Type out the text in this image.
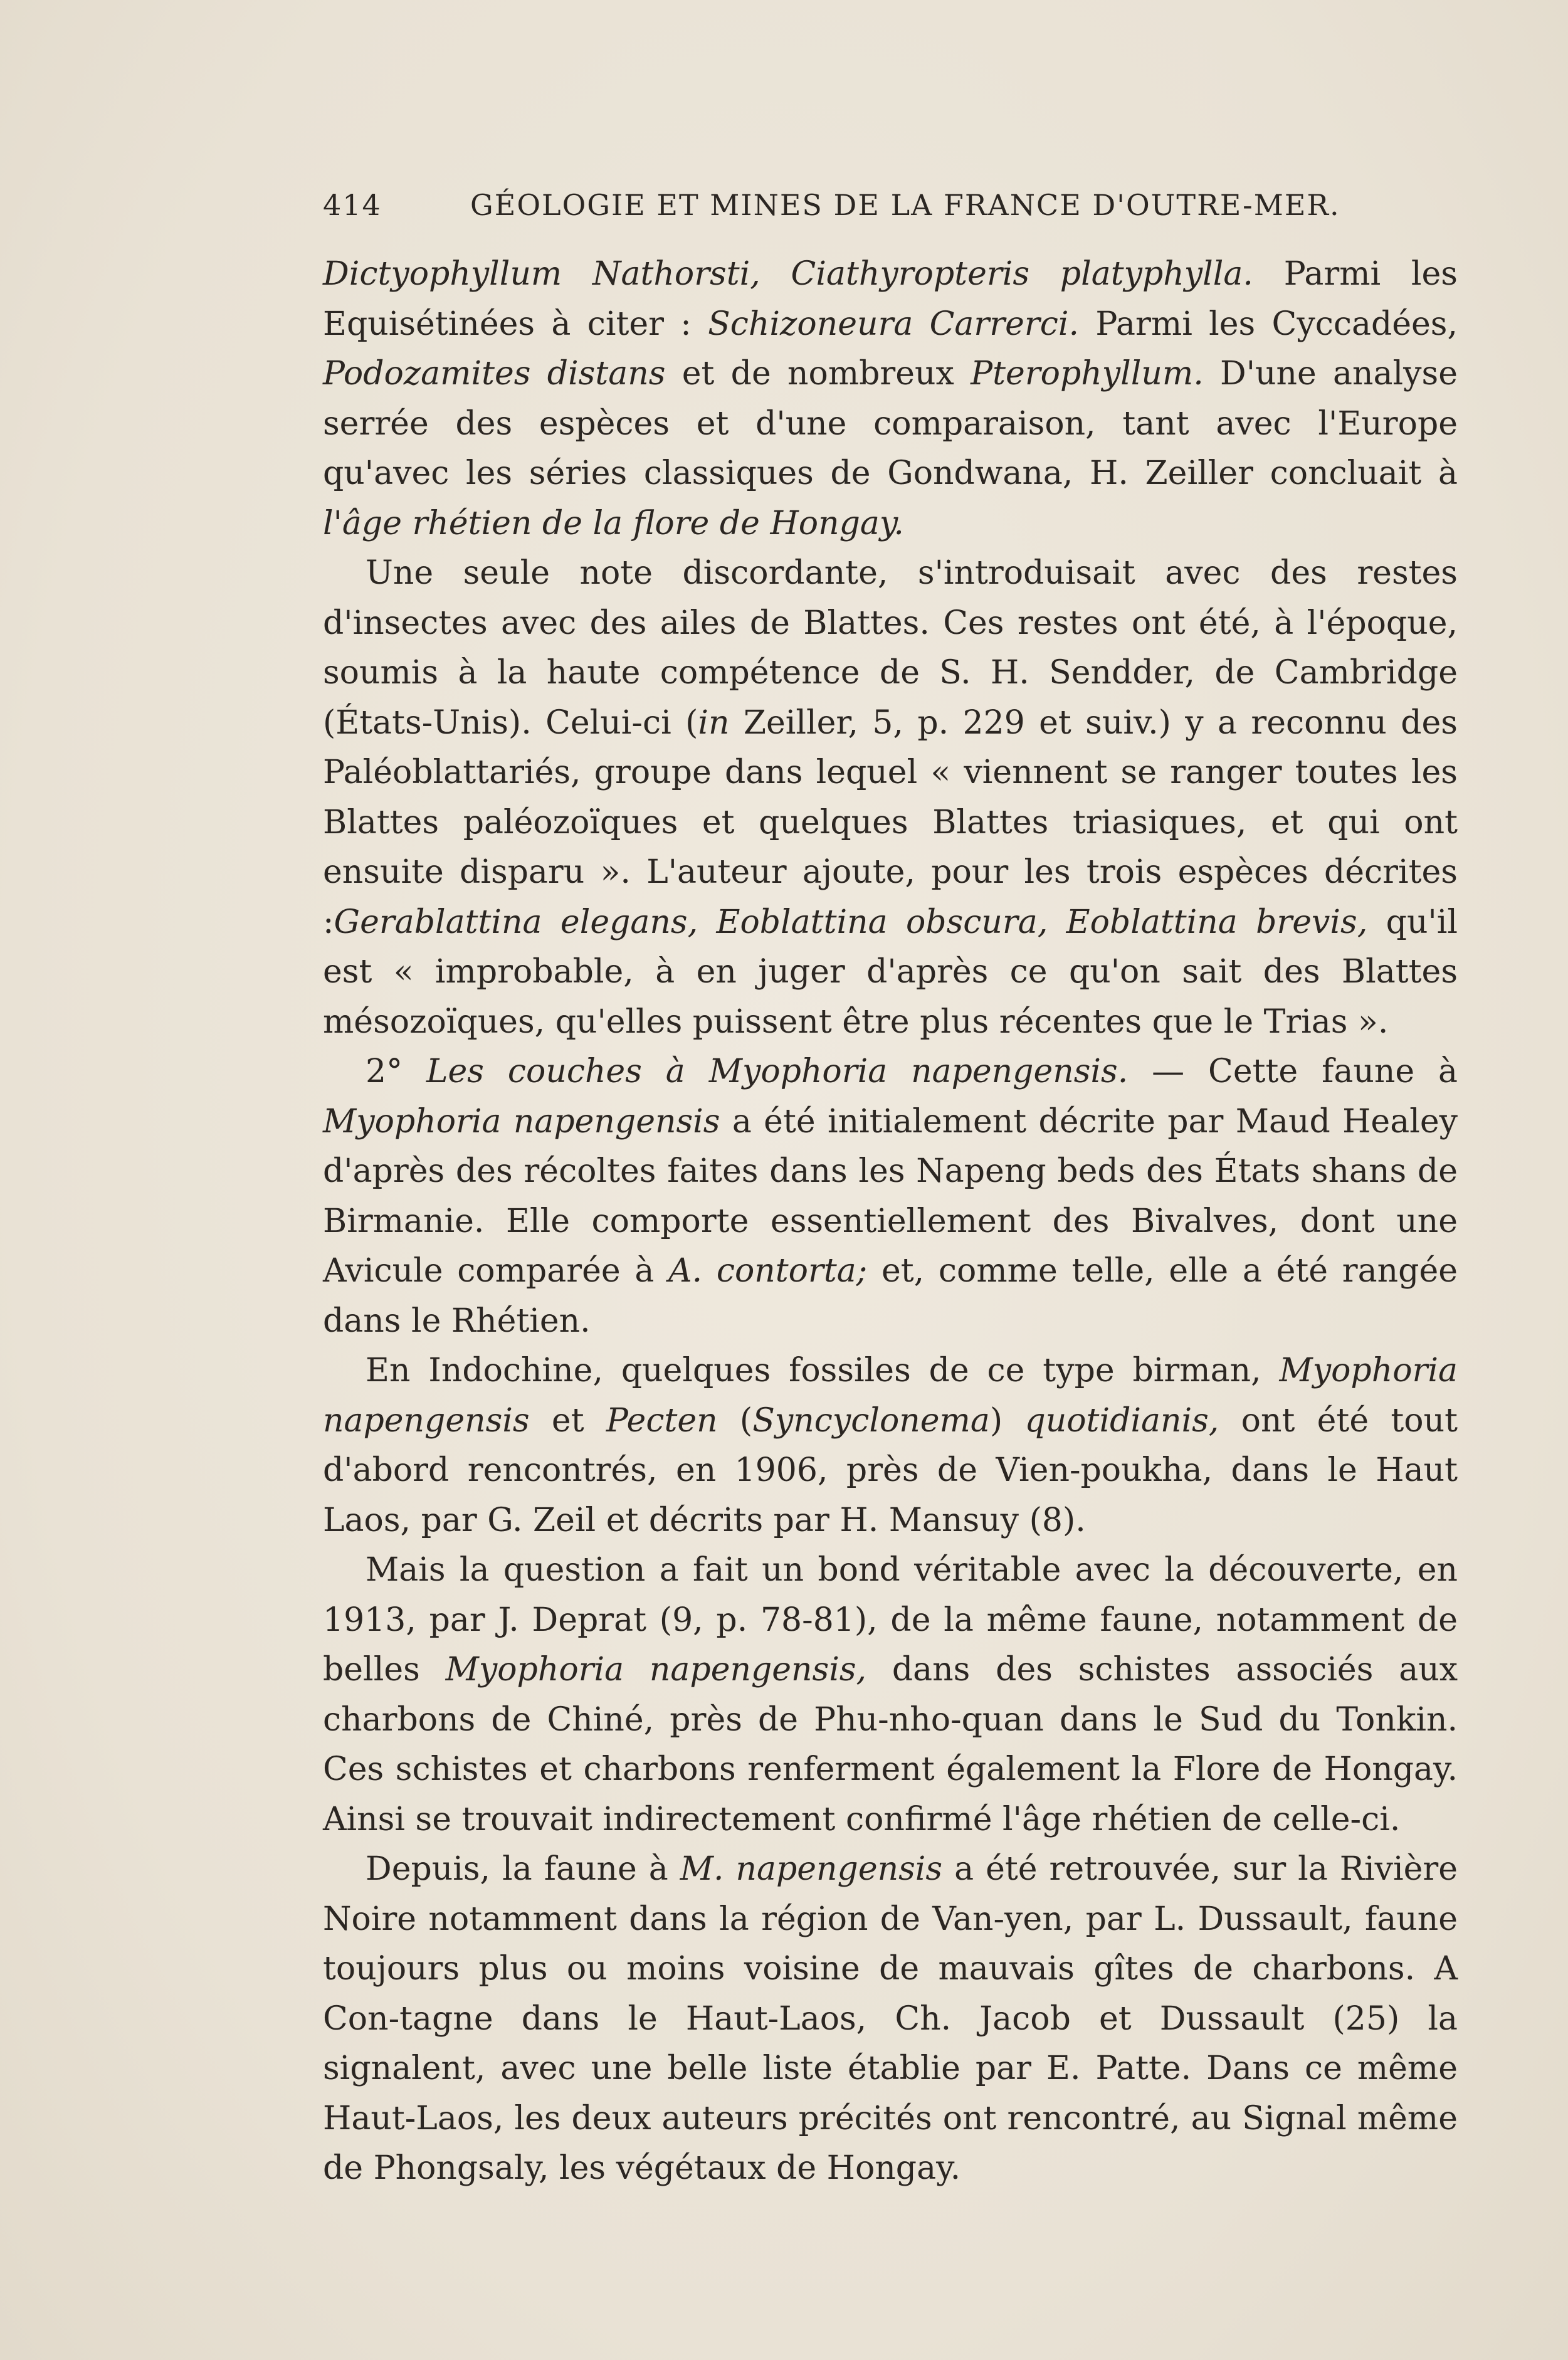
414	GÉOLOGIE ET MINES DE LA FRANCE D'OUTRE-MER.

Dictyophyllum Nathorsti, Ciathyropteris platyphylla. Parmi les Equisétinées à citer : Schizoneura Carrerci. Parmi les Cyccadées, Podozamites distans et de nombreux Pterophyllum. D'une analyse serrée des espèces et d'une comparaison, tant avec l'Europe qu'avec les séries classiques de Gondwana, H. Zeiller concluait à l'âge rhétien de la flore de Hongay.

Une seule note discordante, s'introduisait avec des restes d'insectes avec des ailes de Blattes. Ces restes ont été, à l'époque, soumis à la haute compétence de S. H. Sendder, de Cambridge (États-Unis). Celui-ci (in Zeiller, 5, p. 229 et suiv.) y a reconnu des Paléoblattariés, groupe dans lequel « viennent se ranger toutes les Blattes paléozoïques et quelques Blattes triasiques, et qui ont ensuite disparu ». L'auteur ajoute, pour les trois espèces décrites :Gerablattina elegans, Eoblattina obscura, Eoblattina brevis, qu'il est « improbable, à en juger d'après ce qu'on sait des Blattes mésozoïques, qu'elles puissent être plus récentes que le Trias ».

2° Les couches à Myophoria napengensis. — Cette faune à Myophoria napengensis a été initialement décrite par Maud Healey d'après des récoltes faites dans les Napeng beds des États shans de Birmanie. Elle comporte essentiellement des Bivalves, dont une Avicule comparée à A. contorta; et, comme telle, elle a été rangée dans le Rhétien.

En Indochine, quelques fossiles de ce type birman, Myophoria napengensis et Pecten (Syncyclonema) quotidianis, ont été tout d'abord rencontrés, en 1906, près de Vien-poukha, dans le Haut Laos, par G. Zeil et décrits par H. Mansuy (8).

Mais la question a fait un bond véritable avec la découverte, en 1913, par J. Deprat (9, p. 78-81), de la même faune, notamment de belles Myophoria napengensis, dans des schistes associés aux charbons de Chiné, près de Phu-nho-quan dans le Sud du Tonkin. Ces schistes et charbons renferment également la Flore de Hongay. Ainsi se trouvait indirectement confirmé l'âge rhétien de celle-ci.

Depuis, la faune à M. napengensis a été retrouvée, sur la Rivière Noire notamment dans la région de Van-yen, par L. Dussault, faune toujours plus ou moins voisine de mauvais gîtes de charbons. A Con-tagne dans le Haut-Laos, Ch. Jacob et Dussault (25) la signalent, avec une belle liste établie par E. Patte. Dans ce même Haut-Laos, les deux auteurs précités ont rencontré, au Signal même de Phongsaly, les végétaux de Hongay.
